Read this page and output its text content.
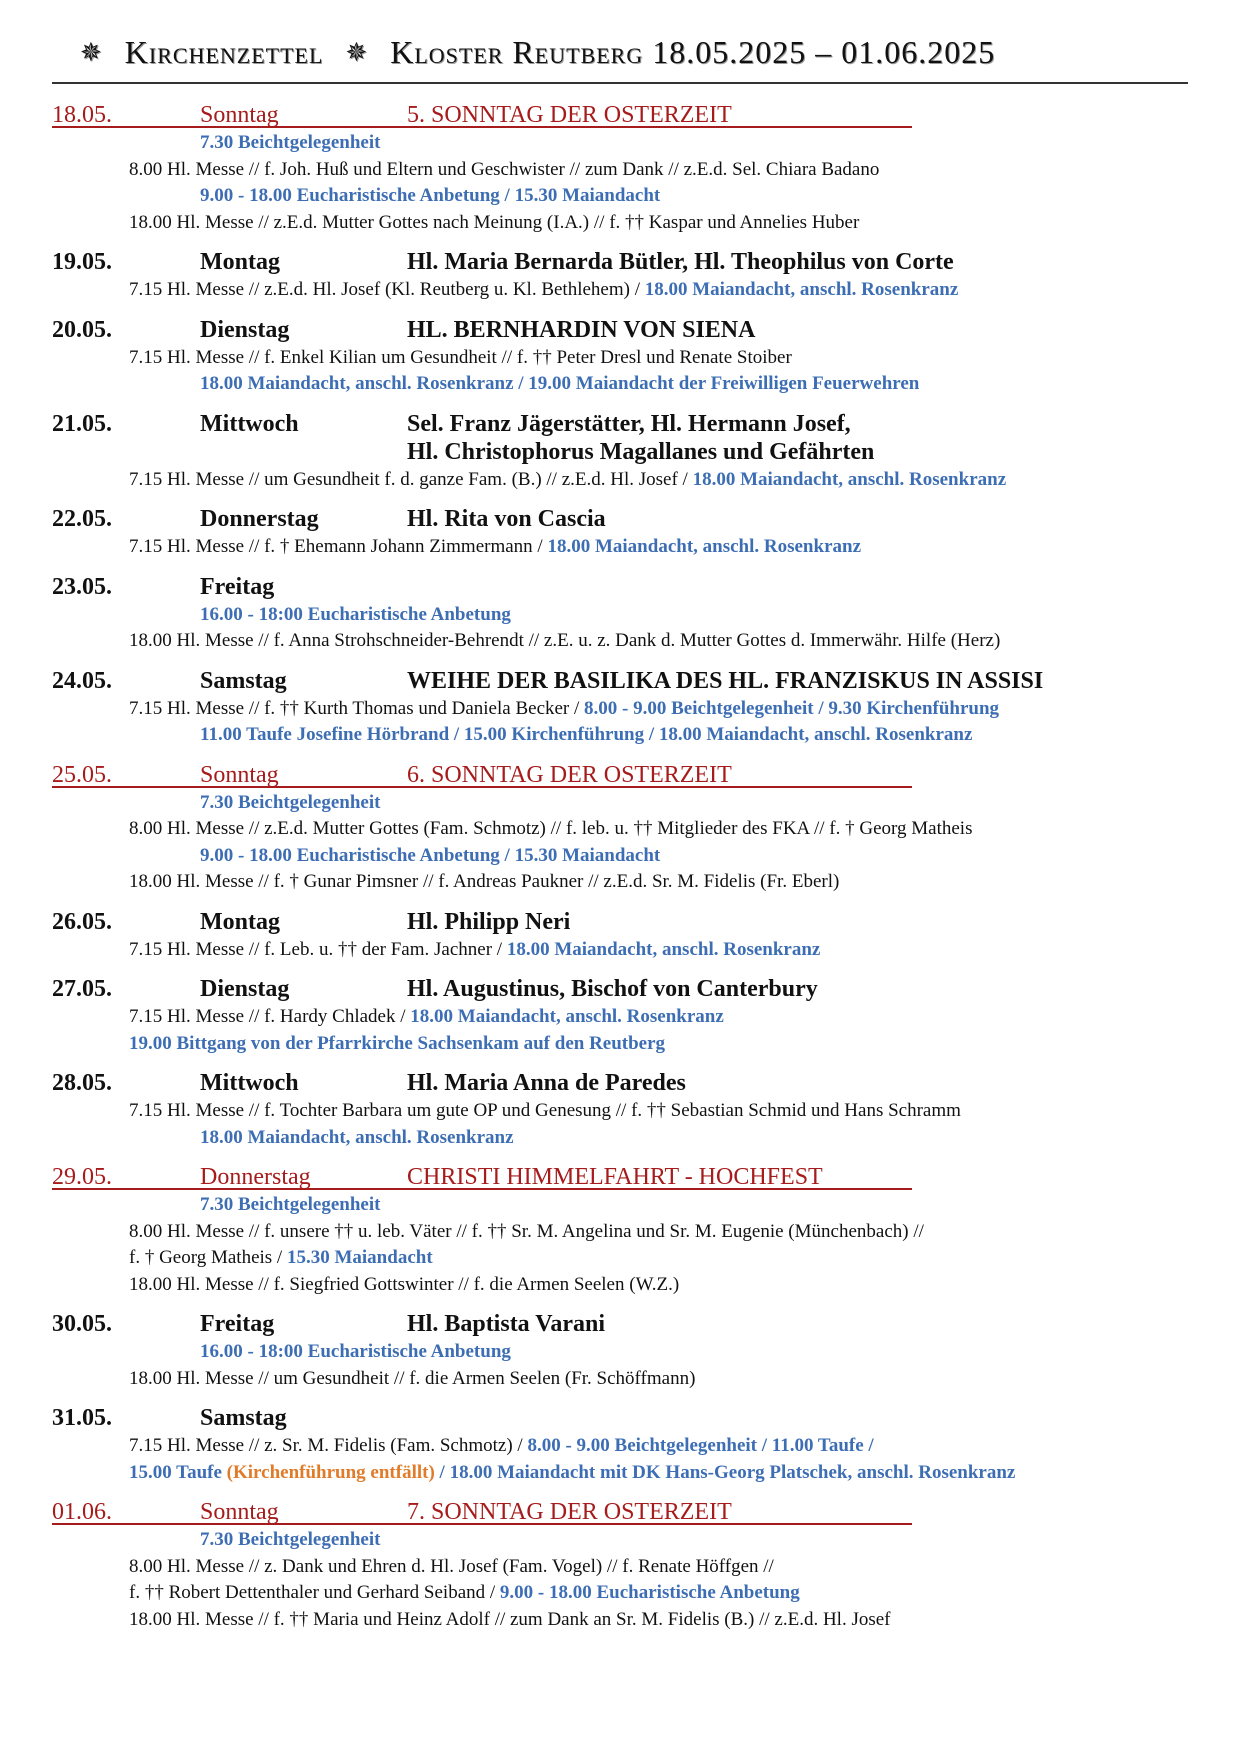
✵ Kirchenzettel ✵ Kloster Reutberg 18.05.2025 – 01.06.2025
18.05.	Sonntag	5. SONNTAG DER OSTERZEIT
7.30 Beichtgelegenheit
8.00 Hl. Messe // f. Joh. Huß und Eltern und Geschwister // zum Dank // z.E.d. Sel. Chiara Badano
9.00 - 18.00 Eucharistische Anbetung / 15.30 Maiandacht
18.00 Hl. Messe // z.E.d. Mutter Gottes nach Meinung (I.A.) // f. †† Kaspar und Annelies Huber
19.05.	Montag	Hl. Maria Bernarda Bütler, Hl. Theophilus von Corte
7.15 Hl. Messe // z.E.d. Hl. Josef (Kl. Reutberg u. Kl. Bethlehem) / 18.00 Maiandacht, anschl. Rosenkranz
20.05.	Dienstag	HL. BERNHARDIN VON SIENA
7.15 Hl. Messe // f. Enkel Kilian um Gesundheit // f. †† Peter Dresl und Renate Stoiber
18.00 Maiandacht, anschl. Rosenkranz / 19.00 Maiandacht der Freiwilligen Feuerwehren
21.05.	Mittwoch	Sel. Franz Jägerstätter, Hl. Hermann Josef,
Hl. Christophorus Magallanes und Gefährten
7.15 Hl. Messe // um Gesundheit f. d. ganze Fam. (B.) // z.E.d. Hl. Josef / 18.00 Maiandacht, anschl. Rosenkranz
22.05.	Donnerstag	Hl. Rita von Cascia
7.15 Hl. Messe // f. † Ehemann Johann Zimmermann / 18.00 Maiandacht, anschl. Rosenkranz
23.05.	Freitag
16.00 - 18:00 Eucharistische Anbetung
18.00 Hl. Messe // f. Anna Strohschneider-Behrendt // z.E. u. z. Dank d. Mutter Gottes d. Immerwähr. Hilfe (Herz)
24.05.	Samstag	WEIHE DER BASILIKA DES HL. FRANZISKUS IN ASSISI
7.15 Hl. Messe // f. †† Kurth Thomas und Daniela Becker / 8.00 - 9.00 Beichtgelegenheit / 9.30 Kirchenführung
11.00 Taufe Josefine Hörbrand / 15.00 Kirchenführung / 18.00 Maiandacht, anschl. Rosenkranz
25.05.	Sonntag	6. SONNTAG DER OSTERZEIT
7.30 Beichtgelegenheit
8.00 Hl. Messe // z.E.d. Mutter Gottes (Fam. Schmotz) // f. leb. u. †† Mitglieder des FKA // f. † Georg Matheis
9.00 - 18.00 Eucharistische Anbetung / 15.30 Maiandacht
18.00 Hl. Messe // f. † Gunar Pimsner // f. Andreas Paukner // z.E.d. Sr. M. Fidelis (Fr. Eberl)
26.05.	Montag	Hl. Philipp Neri
7.15 Hl. Messe // f. Leb. u. †† der Fam. Jachner / 18.00 Maiandacht, anschl. Rosenkranz
27.05.	Dienstag	Hl. Augustinus, Bischof von Canterbury
7.15 Hl. Messe // f. Hardy Chladek / 18.00 Maiandacht, anschl. Rosenkranz
19.00 Bittgang von der Pfarrkirche Sachsenkam auf den Reutberg
28.05.	Mittwoch	Hl. Maria Anna de Paredes
7.15 Hl. Messe // f. Tochter Barbara um gute OP und Genesung // f. †† Sebastian Schmid und Hans Schramm
18.00 Maiandacht, anschl. Rosenkranz
29.05.	Donnerstag	CHRISTI HIMMELFAHRT - HOCHFEST
7.30 Beichtgelegenheit
8.00 Hl. Messe // f. unsere †† u. leb. Väter // f. †† Sr. M. Angelina und Sr. M. Eugenie (Münchenbach) //
f. † Georg Matheis / 15.30 Maiandacht
18.00 Hl. Messe // f. Siegfried Gottswinter // f. die Armen Seelen (W.Z.)
30.05.	Freitag	Hl. Baptista Varani
16.00 - 18:00 Eucharistische Anbetung
18.00 Hl. Messe // um Gesundheit // f. die Armen Seelen (Fr. Schöffmann)
31.05.	Samstag
7.15 Hl. Messe // z. Sr. M. Fidelis (Fam. Schmotz) / 8.00 - 9.00 Beichtgelegenheit / 11.00 Taufe /
15.00 Taufe (Kirchenführung entfällt) / 18.00 Maiandacht mit DK Hans-Georg Platschek, anschl. Rosenkranz
01.06.	Sonntag	7. SONNTAG DER OSTERZEIT
7.30 Beichtgelegenheit
8.00 Hl. Messe // z. Dank und Ehren d. Hl. Josef (Fam. Vogel) // f. Renate Höffgen //
f. †† Robert Dettenthaler und Gerhard Seiband / 9.00 - 18.00 Eucharistische Anbetung
18.00 Hl. Messe // f. †† Maria und Heinz Adolf // zum Dank an Sr. M. Fidelis (B.) // z.E.d. Hl. Josef
